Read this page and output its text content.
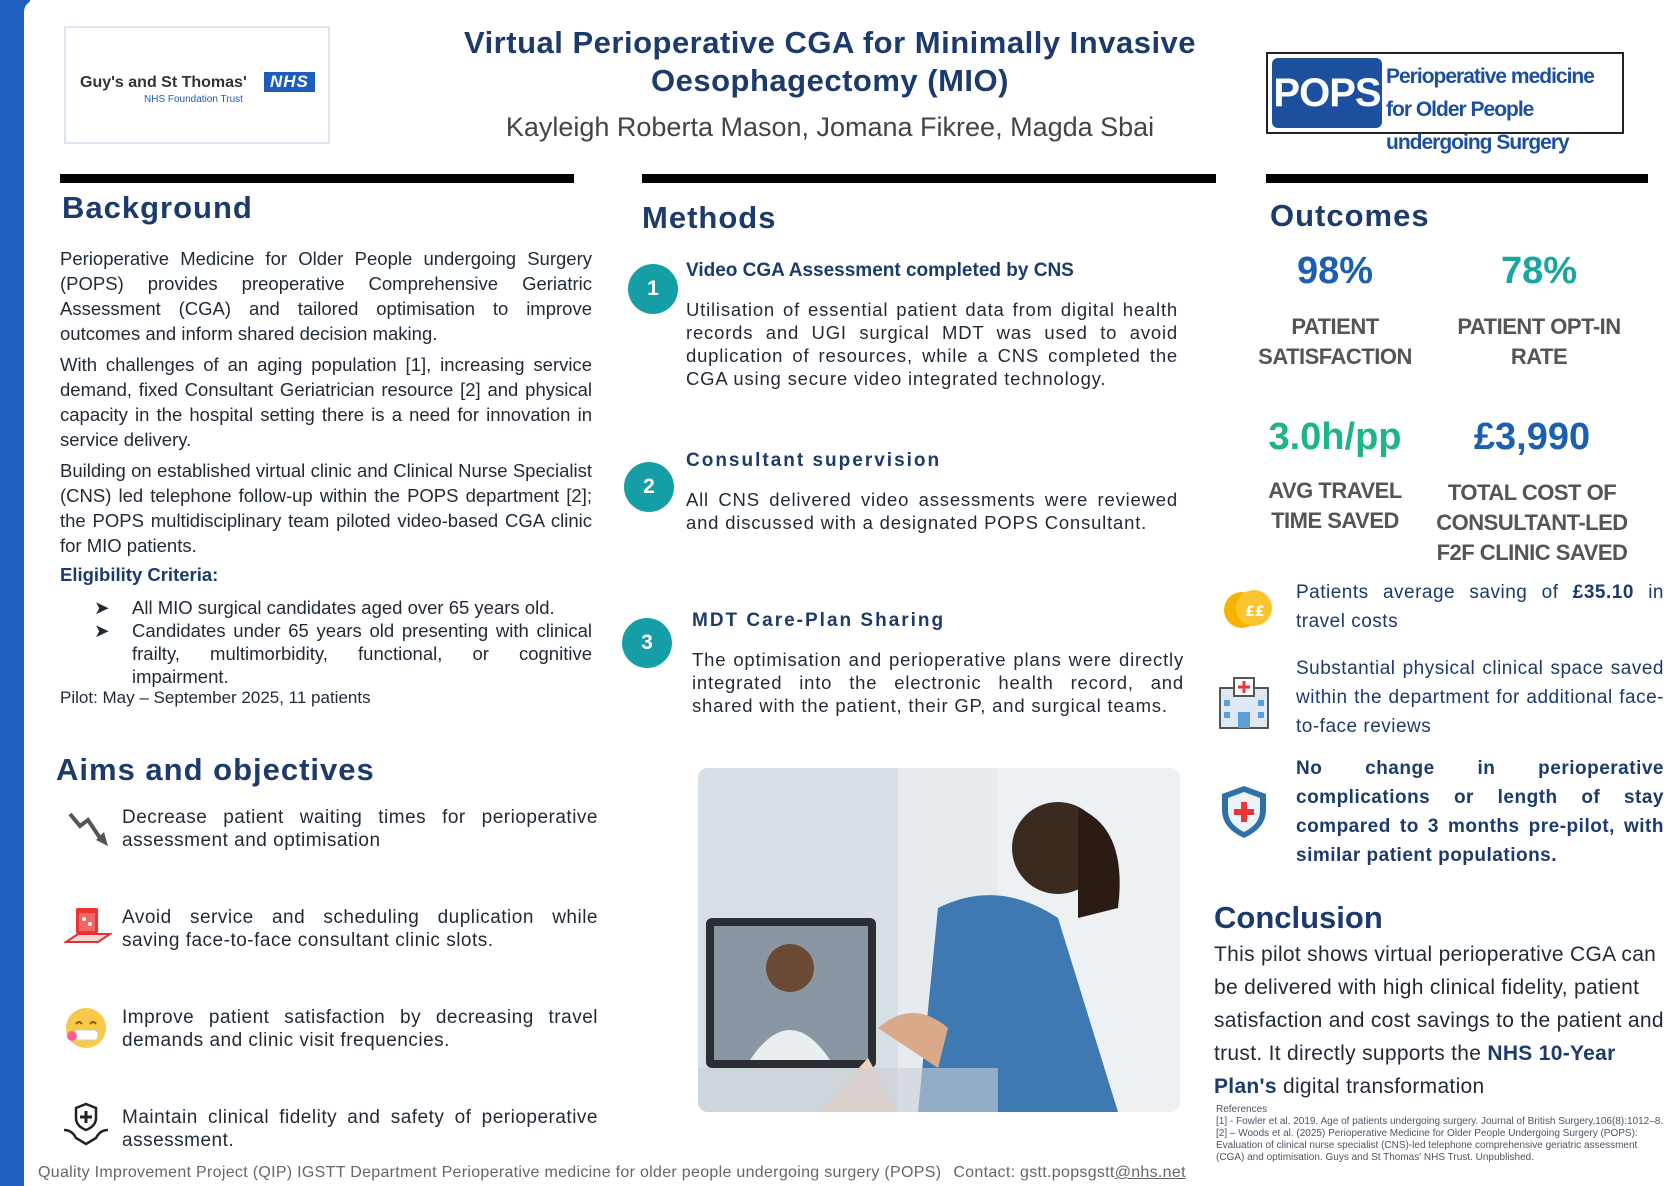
Guy's and St Thomas'	NHS
NHS Foundation Trust
Virtual Perioperative CGA for Minimally Invasive
Oesophagectomy (MIO)
Kayleigh Roberta Mason, Jomana Fikree, Magda Sbai
POPS Perioperative medicine for Older People undergoing Surgery
Background
Perioperative Medicine for Older People undergoing Surgery (POPS) provides preoperative Comprehensive Geriatric Assessment (CGA) and tailored optimisation to improve outcomes and inform shared decision making.
With challenges of an aging population [1], increasing service demand, fixed Consultant Geriatrician resource [2] and physical capacity in the hospital setting there is a need for innovation in service delivery.
Building on established virtual clinic and Clinical Nurse Specialist (CNS) led telephone follow-up within the POPS department [2]; the POPS multidisciplinary team piloted video-based CGA clinic for MIO patients.
Eligibility Criteria:
➤ All MIO surgical candidates aged over 65 years old.
➤ Candidates under 65 years old presenting with clinical frailty, multimorbidity, functional, or cognitive impairment.
Pilot: May – September 2025, 11 patients
Aims and objectives
Decrease patient waiting times for perioperative assessment and optimisation
Avoid service and scheduling duplication while saving face-to-face consultant clinic slots.
Improve patient satisfaction by decreasing travel demands and clinic visit frequencies.
Maintain clinical fidelity and safety of perioperative assessment.
Methods
1
Video CGA Assessment completed by CNS
Utilisation of essential patient data from digital health records and UGI surgical MDT was used to avoid duplication of resources, while a CNS completed the CGA using secure video integrated technology.
2
Consultant supervision
All CNS delivered video assessments were reviewed and discussed with a designated POPS Consultant.
3
MDT Care-Plan Sharing
The optimisation and perioperative plans were directly integrated into the electronic health record, and shared with the patient, their GP, and surgical teams.
Outcomes
98%
PATIENT
SATISFACTION
78%
PATIENT OPT-IN
RATE
3.0h/pp
AVG TRAVEL
TIME SAVED
£3,990
TOTAL COST OF
CONSULTANT-LED
F2F CLINIC SAVED
££
Patients average saving of £35.10 in travel costs
Substantial physical clinical space saved within the department for additional face-to-face reviews
No change in perioperative complications or length of stay compared to 3 months pre-pilot, with similar patient populations.
Conclusion
This pilot shows virtual perioperative CGA can be delivered with high clinical fidelity, patient satisfaction and cost savings to the patient and trust. It directly supports the NHS 10-Year Plan's digital transformation
References
[1] - Fowler et al. 2019. Age of patients undergoing surgery. Journal of British Surgery,106(8):1012–8.
[2] – Woods et al. (2025) Perioperative Medicine for Older People Undergoing Surgery (POPS): Evaluation of clinical nurse specialist (CNS)-led telephone comprehensive geriatric assessment (CGA) and optimisation. Guys and St Thomas' NHS Trust. Unpublished.
Quality Improvement Project (QIP) IGSTT Department Perioperative medicine for older people undergoing surgery (POPS) Contact: gstt.popsgstt@nhs.net
